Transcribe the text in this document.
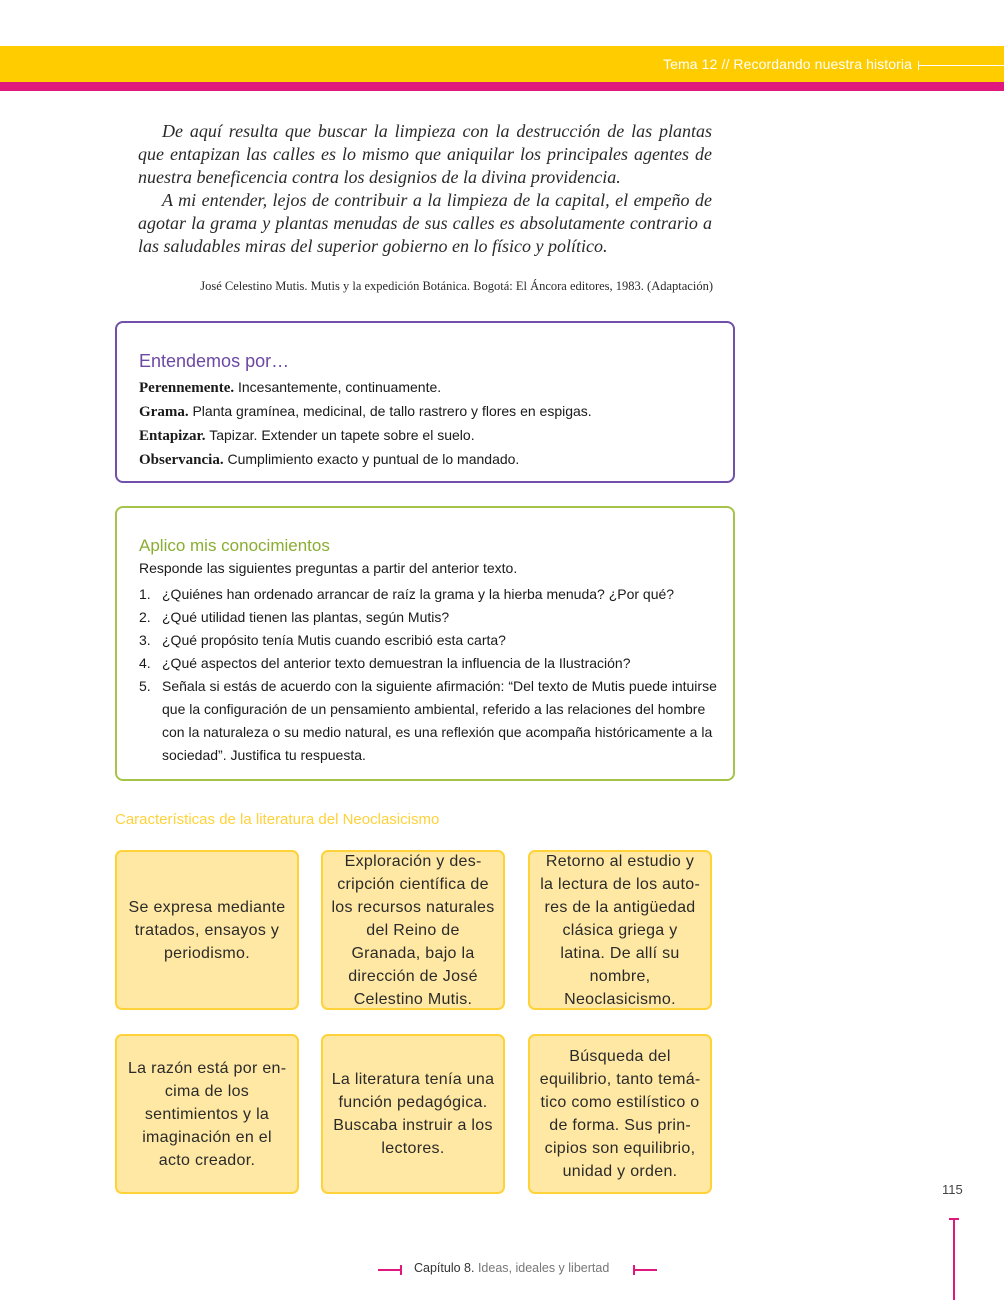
Tema 12 // Recordando nuestra historia

De aquí resulta que buscar la limpieza con la destrucción de las plantas que entapizan las calles es lo mismo que aniquilar los principales agentes de nuestra beneficencia contra los designios de la divina providencia.

A mi entender, lejos de contribuir a la limpieza de la capital, el empeño de agotar la grama y plantas menudas de sus calles es absolutamente contrario a las saludables miras del superior gobierno en lo físico y político.

José Celestino Mutis. Mutis y la expedición Botánica. Bogotá: El Áncora editores, 1983. (Adaptación)
Entendemos por…
Perennemente. Incesantemente, continuamente.
Grama. Planta gramínea, medicinal, de tallo rastrero y flores en espigas.
Entapizar. Tapizar. Extender un tapete sobre el suelo.
Observancia. Cumplimiento exacto y puntual de lo mandado.
Aplico mis conocimientos
Responde las siguientes preguntas a partir del anterior texto.
1. ¿Quiénes han ordenado arrancar de raíz la grama y la hierba menuda? ¿Por qué?
2. ¿Qué utilidad tienen las plantas, según Mutis?
3. ¿Qué propósito tenía Mutis cuando escribió esta carta?
4. ¿Qué aspectos del anterior texto demuestran la influencia de la Ilustración?
5. Señala si estás de acuerdo con la siguiente afirmación: “Del texto de Mutis puede intuirse que la configuración de un pensamiento ambiental, referido a las relaciones del hombre con la naturaleza o su medio natural, es una reflexión que acompaña históricamente a la sociedad”. Justifica tu respuesta.
Características de la literatura del Neoclasicismo
Se expresa mediante tratados, ensayos y periodismo.
Exploración y descripción científica de los recursos naturales del Reino de Granada, bajo la dirección de José Celestino Mutis.
Retorno al estudio y la lectura de los autores de la antigüedad clásica griega y latina. De allí su nombre, Neoclasicismo.
La razón está por encima de los sentimientos y la imaginación en el acto creador.
La literatura tenía una función pedagógica. Buscaba instruir a los lectores.
Búsqueda del equilibrio, tanto temático como estilístico o de forma. Sus principios son equilibrio, unidad y orden.
115
Capítulo 8. Ideas, ideales y libertad
